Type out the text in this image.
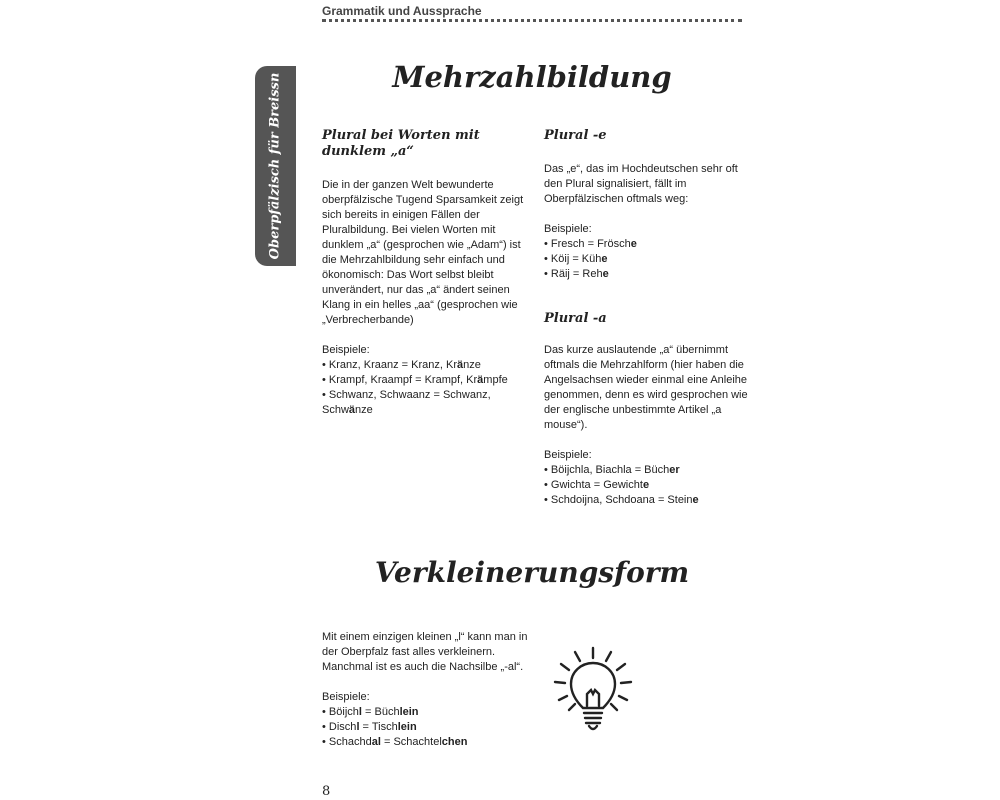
Grammatik und Aussprache
Oberpfälzisch für Breissn	Mehrzahlbildung
Plural bei Worten mit dunklem „a“

Die in der ganzen Welt bewunderte oberpfälzische Tugend Sparsamkeit zeigt sich bereits in einigen Fällen der Pluralbildung. Bei vielen Worten mit dunklem „a“ (gesprochen wie „Adam“) ist die Mehrzahlbildung sehr einfach und ökonomisch: Das Wort selbst bleibt unverändert, nur das „a“ ändert seinen Klang in ein helles „aa“ (gesprochen wie „Verbrecherbande)

Beispiele:

• Kranz, Kraanz = Kranz, Kränze
• Krampf, Kraampf = Krampf, Krämpfe
• Schwanz, Schwaanz = Schwanz, Schwänze
Plural -e

Das „e“, das im Hochdeutschen sehr oft den Plural signalisiert, fällt im Oberpfälzischen oftmals weg:

Beispiele:

• Fresch = Frösche
• Köij = Kühe
• Räij = Rehe
Plural -a

Das kurze auslautende „a“ übernimmt oftmals die Mehrzahlform (hier haben die Angelsachsen wieder einmal eine Anleihe genommen, denn es wird gesprochen wie der englische unbestimmte Artikel „a mouse“).

Beispiele:

• Böijchla, Biachla = Bücher
• Gwichta = Gewichte
• Schdoijna, Schdoana = Steine
Verkleinerungsform

Mit einem einzigen kleinen „l“ kann man in der Oberpfalz fast alles verkleinern. Manchmal ist es auch die Nachsilbe „-al“.

Beispiele:

• Böijchl = Büchlein
• Dischl = Tischlein
• Schachdal = Schachtelchen
8
